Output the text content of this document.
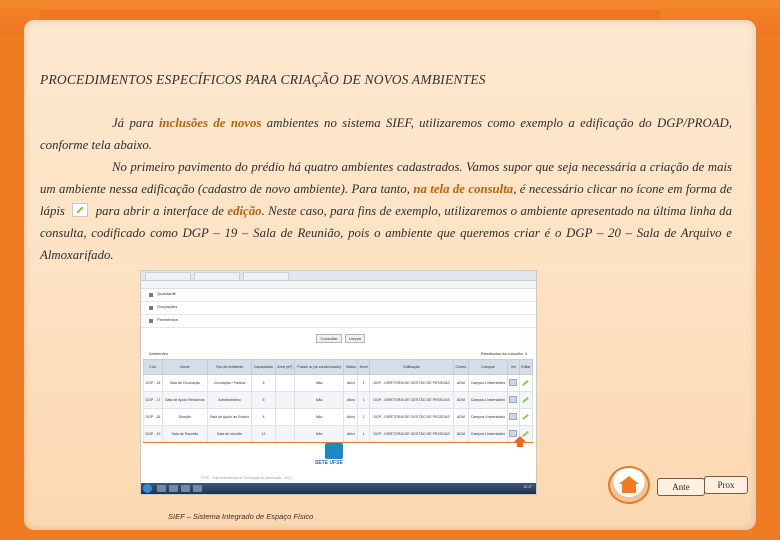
PROCEDIMENTOS ESPECÍFICOS PARA CRIAÇÃO DE NOVOS AMBIENTES

Já para inclusões de novos ambientes no sistema SIEF, utilizaremos como exemplo a edificação do DGP/PROAD, conforme tela abaixo.

No primeiro pavimento do prédio há quatro ambientes cadastrados. Vamos supor que seja necessária a criação de mais um ambiente nessa edificação (cadastro de novo ambiente). Para tanto, na tela de consulta, é necessário clicar no ícone em forma de lápis  para abrir a interface de edição. Neste caso, para fins de exemplo, utilizaremos o ambiente apresentado na última linha da consulta, codificado como DGP – 19 – Sala de Reunião, pois o ambiente que queremos criar é o DGP – 20 – Sala de Arquivo e Almoxarifado.

Quadrante
Ocupações
Pavimentos
Consultar	Limpar
Ambientes	Resultados da consulta: 4
Cód.	Nome	Tipo de Ambiente	Capacidade	Área (m²)	Possui ar (ar condicionado)	Status	Nível	Edificação	Centro	Campus	Ver	Editar
DGP - 16	Sala de Circulação	Circulação / Passos	6		Não	Ativo	1	DGP - DIRETORIA DE GESTÃO DE PESSOAS	ADM	Campus Universitário		
DGP - 17	Sala de Apoio Relatórios	Administrativo	5		Não	Ativo	1	DGP - DIRETORIA DE GESTÃO DE PESSOAS	ADM	Campus Universitário		
DGP - 18	Direção	Sala de Apoio ao Ensino	4		Não	Ativo	1	DGP - DIRETORIA DE GESTÃO DE PESSOAS	ADM	Campus Universitário		
DGP - 19	Sala de Reunião	Sala de reunião	12		Não	Ativo	1	DGP - DIRETORIA DE GESTÃO DE PESSOAS	ADM	Campus Universitário		
SETE UFSE
© STI - Superintendência de Tecnologia da Informação - 2012
12:17	Ante	Prox
SIEF – Sistema Integrado de Espaço Físico
